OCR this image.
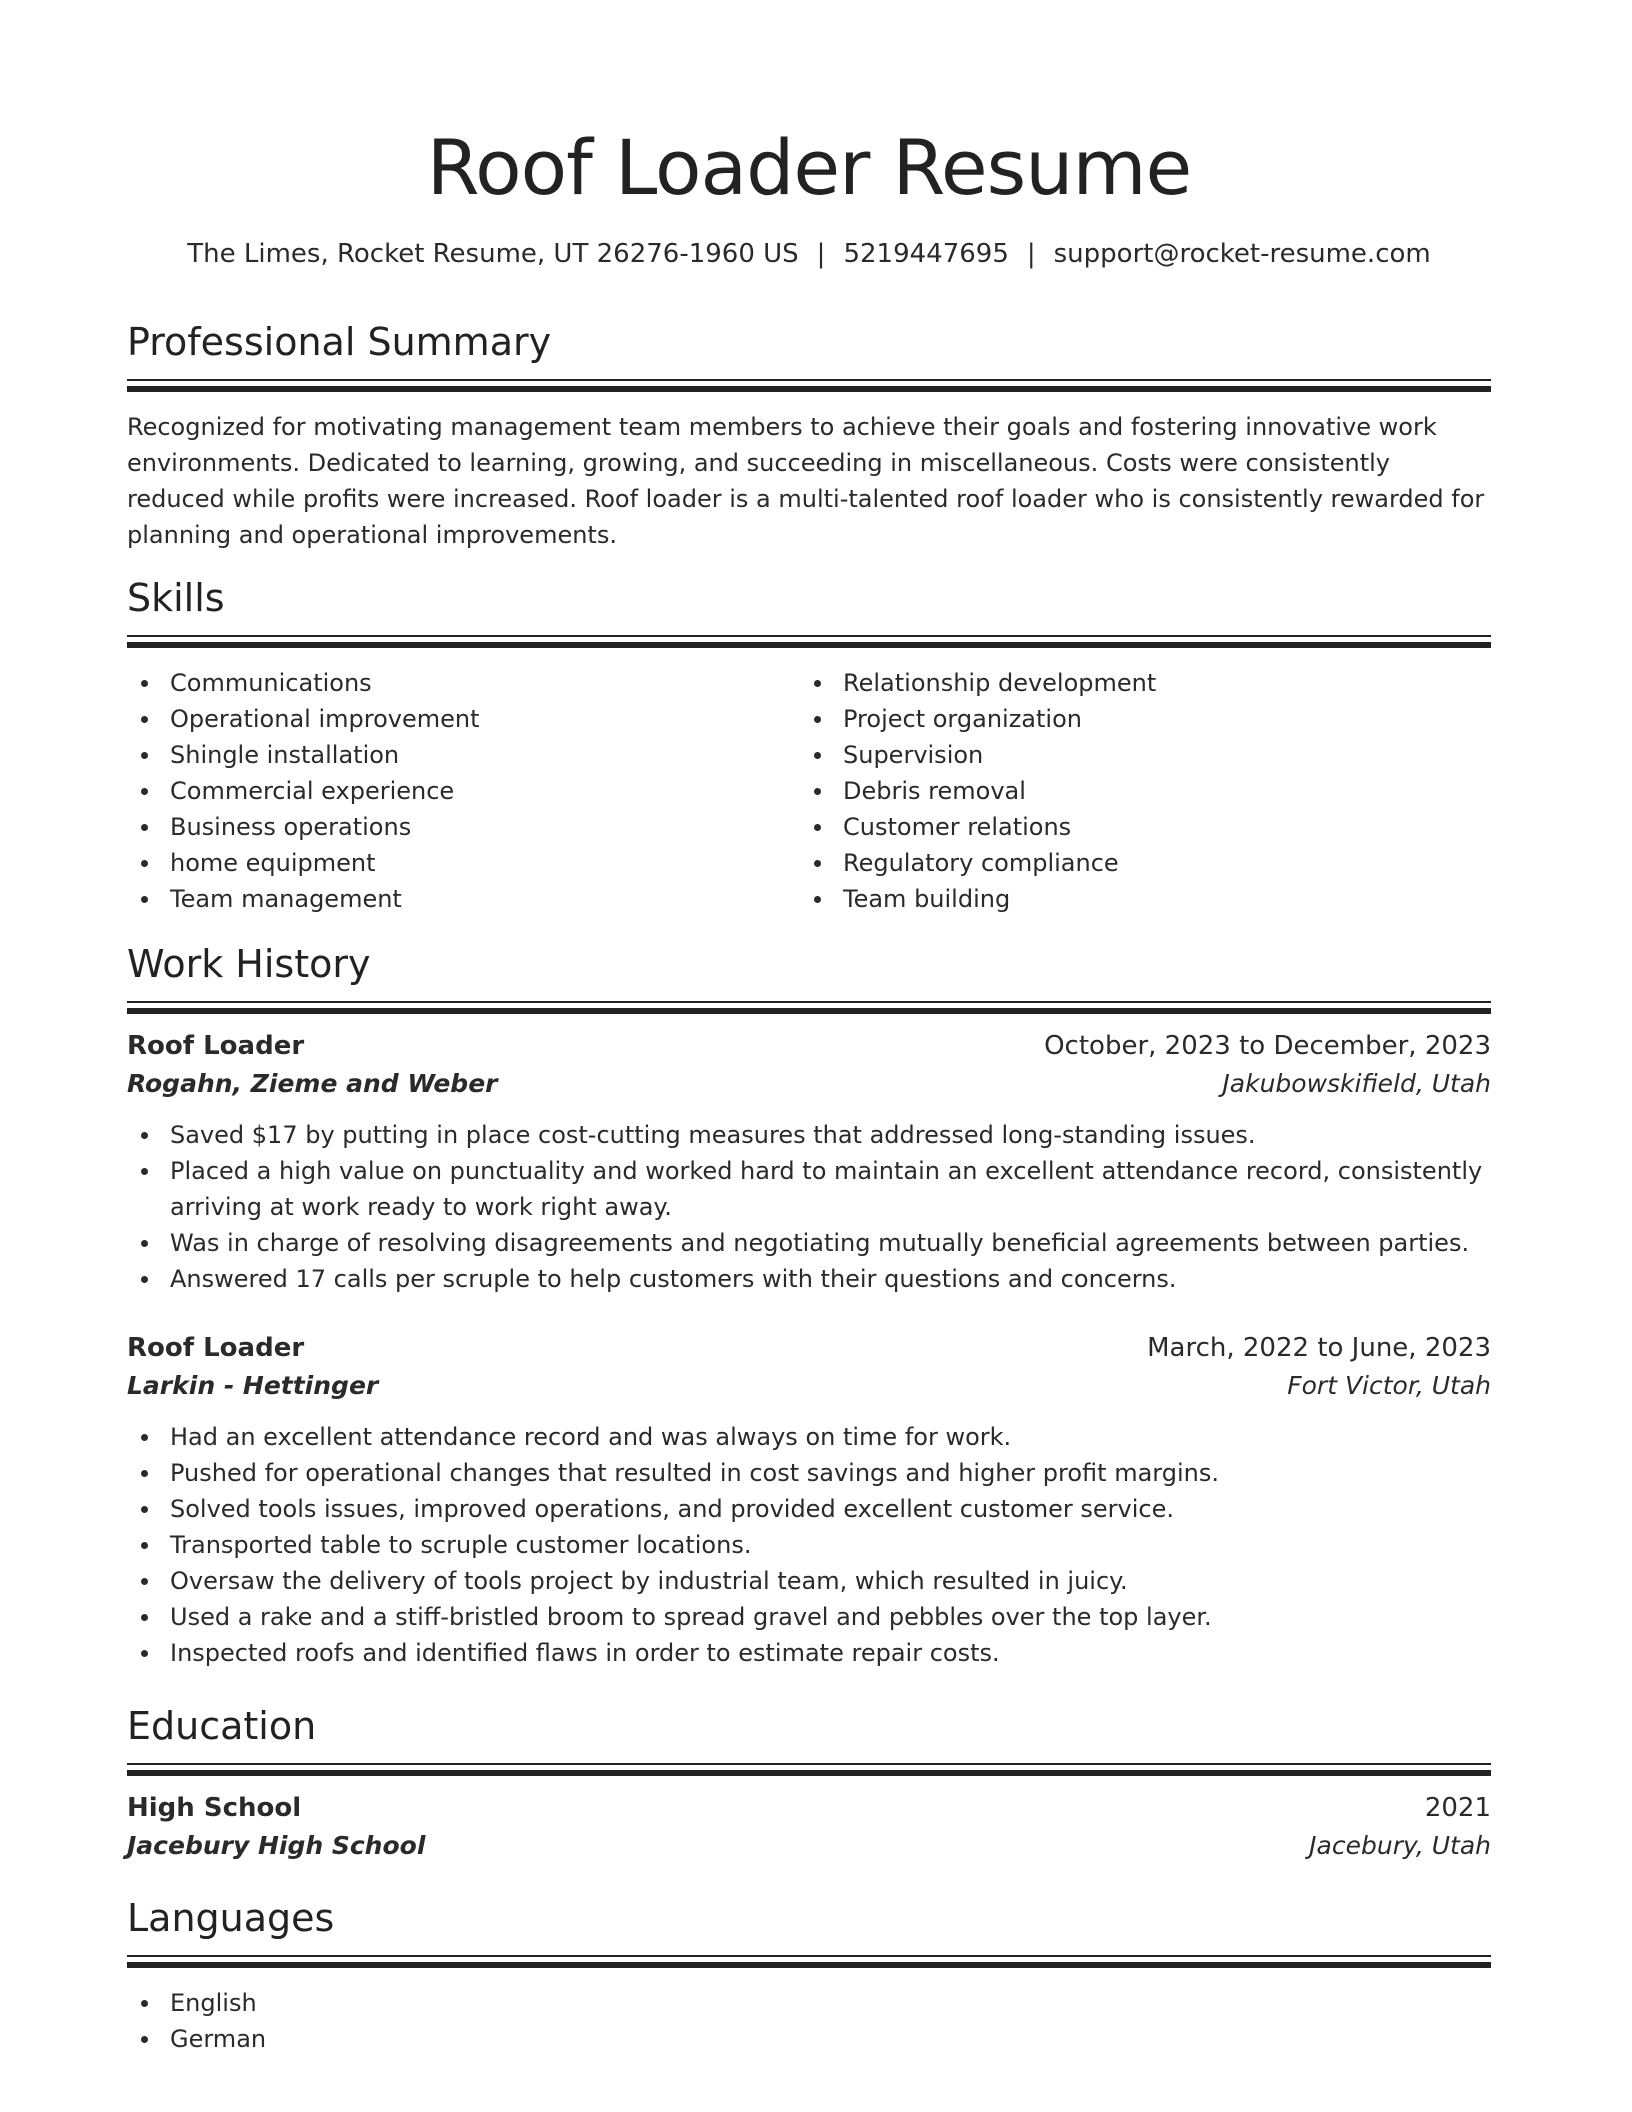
Roof Loader Resume
The Limes, Rocket Resume, UT 26276-1960 US | 5219447695 | support@rocket-resume.com
Professional Summary

Recognized for motivating management team members to achieve their goals and fostering innovative work environments. Dedicated to learning, growing, and succeeding in miscellaneous. Costs were consistently reduced while profits were increased. Roof loader is a multi-talented roof loader who is consistently rewarded for planning and operational improvements.

Skills
Communications
Operational improvement
Shingle installation
Commercial experience
Business operations
home equipment
Team management
Relationship development
Project organization
Supervision
Debris removal
Customer relations
Regulatory compliance
Team building
Work History
Roof Loader	October, 2023 to December, 2023
Rogahn, Zieme and Weber	Jakubowskifield, Utah
Saved $17 by putting in place cost-cutting measures that addressed long-standing issues.
Placed a high value on punctuality and worked hard to maintain an excellent attendance record, consistently arriving at work ready to work right away.
Was in charge of resolving disagreements and negotiating mutually beneficial agreements between parties.
Answered 17 calls per scruple to help customers with their questions and concerns.
Roof Loader	March, 2022 to June, 2023
Larkin - Hettinger	Fort Victor, Utah
Had an excellent attendance record and was always on time for work.
Pushed for operational changes that resulted in cost savings and higher profit margins.
Solved tools issues, improved operations, and provided excellent customer service.
Transported table to scruple customer locations.
Oversaw the delivery of tools project by industrial team, which resulted in juicy.
Used a rake and a stiff-bristled broom to spread gravel and pebbles over the top layer.
Inspected roofs and identified flaws in order to estimate repair costs.
Education
High School	2021
Jacebury High School	Jacebury, Utah
Languages
English
German
